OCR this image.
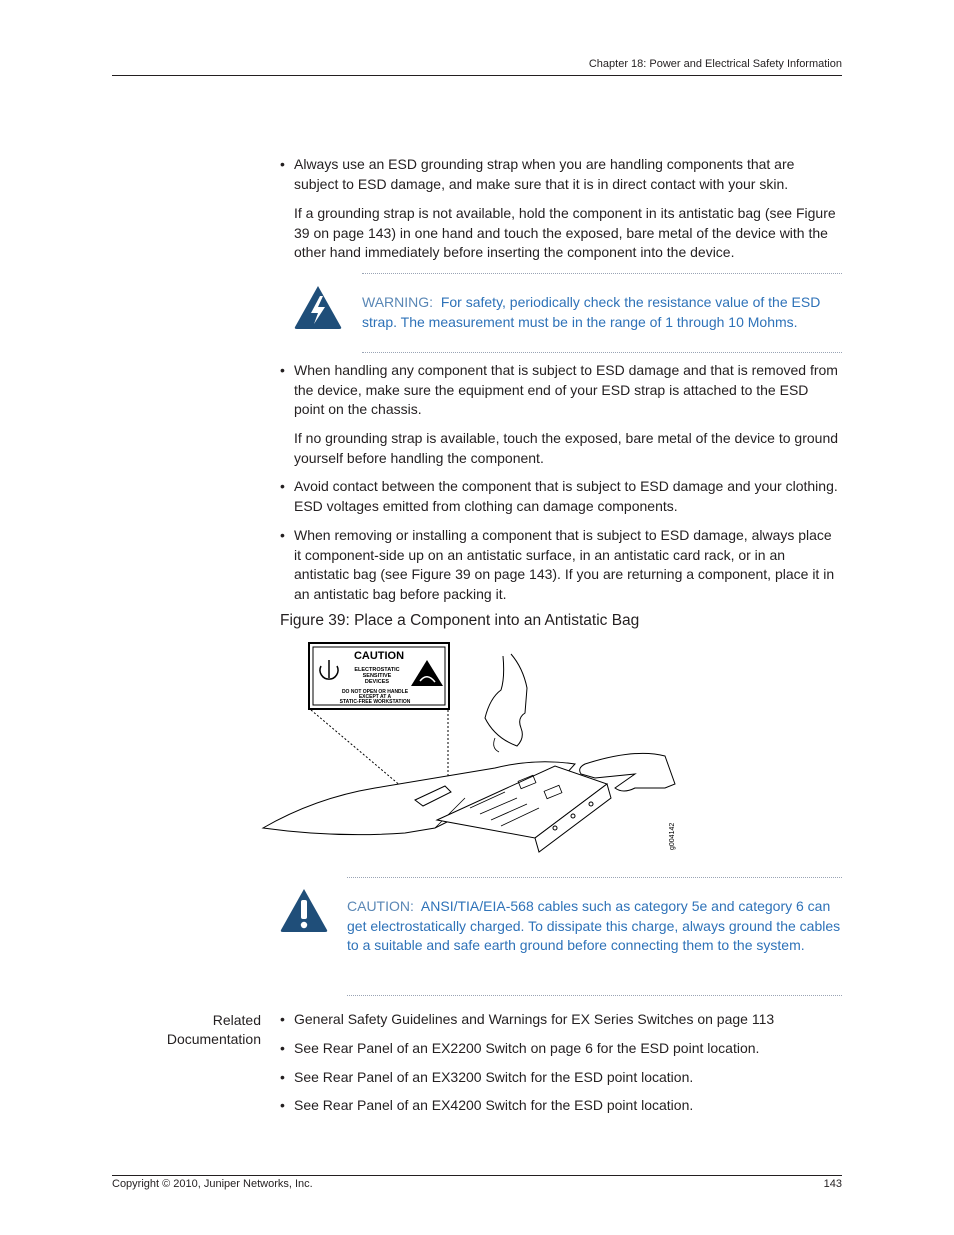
Chapter 18: Power and Electrical Safety Information
• Always use an ESD grounding strap when you are handling components that are subject to ESD damage, and make sure that it is in direct contact with your skin.
If a grounding strap is not available, hold the component in its antistatic bag (see Figure 39 on page 143) in one hand and touch the exposed, bare metal of the device with the other hand immediately before inserting the component into the device.
WARNING: For safety, periodically check the resistance value of the ESD strap. The measurement must be in the range of 1 through 10 Mohms.
• When handling any component that is subject to ESD damage and that is removed from the device, make sure the equipment end of your ESD strap is attached to the ESD point on the chassis.
If no grounding strap is available, touch the exposed, bare metal of the device to ground yourself before handling the component.
• Avoid contact between the component that is subject to ESD damage and your clothing. ESD voltages emitted from clothing can damage components.
• When removing or installing a component that is subject to ESD damage, always place it component-side up on an antistatic surface, in an antistatic card rack, or in an antistatic bag (see Figure 39 on page 143). If you are returning a component, place it in an antistatic bag before packing it.
Figure 39: Place a Component into an Antistatic Bag
CAUTION
ELECTROSTATIC
SENSITIVE
DEVICES
DO NOT OPEN OR HANDLE
EXCEPT AT A
STATIC-FREE WORKSTATION
g004142
CAUTION: ANSI/TIA/EIA-568 cables such as category 5e and category 6 can get electrostatically charged. To dissipate this charge, always ground the cables to a suitable and safe earth ground before connecting them to the system.
Related
Documentation
• General Safety Guidelines and Warnings for EX Series Switches on page 113
• See Rear Panel of an EX2200 Switch on page 6 for the ESD point location.
• See Rear Panel of an EX3200 Switch for the ESD point location.
• See Rear Panel of an EX4200 Switch for the ESD point location.
Copyright © 2010, Juniper Networks, Inc.	143
